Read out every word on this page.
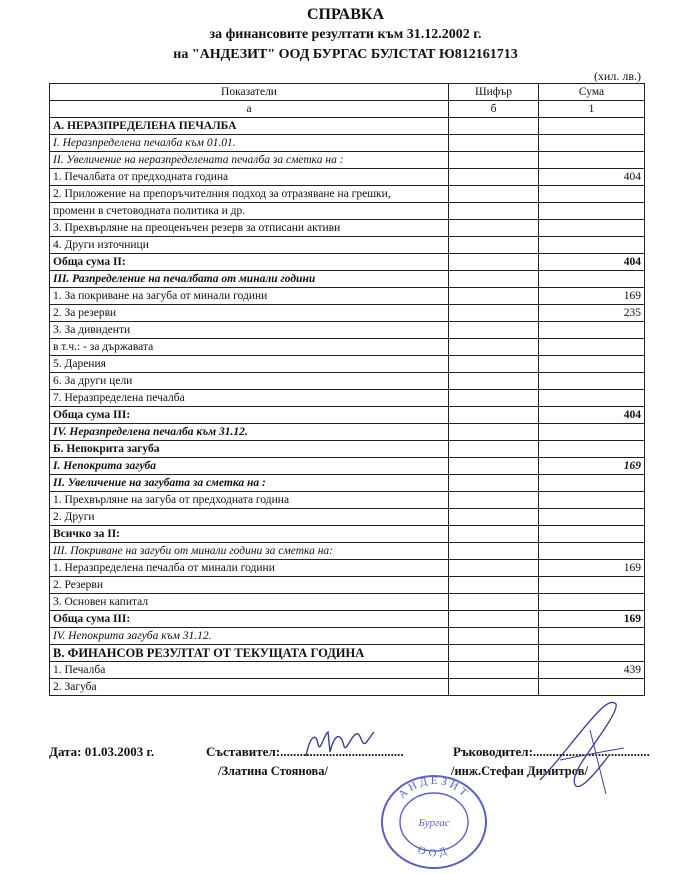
СПРАВКА
за финансовите резултати към 31.12.2002 г.
на "АНДЕЗИТ" ООД БУРГАС БУЛСТАТ Ю812161713
(хил. лв.)
Показатели	Шифър	Сума
а	б	1
А. НЕРАЗПРЕДЕЛЕНА ПЕЧАЛБА		
I. Неразпределена печалба към 01.01.		
II. Увеличение на неразпределената печалба за сметка на :		
1. Печалбата от предходната година		404
2. Приложение на препоръчителния подход за отразяване на грешки,		
промени в счетоводната политика и др.		
3. Прехвърляне на преоценъчен резерв за отписани активи		
4. Други източници		
Обща сума II:		404
III. Разпределение на печалбата от минали години		
1. За покриване на загуба от минали години		169
2. За резерви		235
3. За дивиденти		
в т.ч.: - за държавата		
5. Дарения		
6. За други цели		
7. Неразпределена печалба		
Обща сума III:		404
IV. Неразпределена печалба към 31.12.		
Б. Непокрита загуба		
I. Непокрита загуба		169
II. Увеличение на загубата за сметка на :		
1. Прехвърляне на загуба от предходната година		
2. Други		
Всичко за II:		
III. Покриване на загуби от минали години за сметка на:		
1. Неразпределена печалба от минали години		169
2. Резерви		
3. Основен капитал		
Обща сума III:		169
IV. Непокрита загуба към 31.12.		
В. ФИНАНСОВ РЕЗУЛТАТ ОТ ТЕКУЩАТА ГОДИНА		
1. Печалба		439
2. Загуба		
Дата: 01.03.2003 г.	Съставител:......................................
/Златина Стоянова/
Ръководител:....................................
/инж.Стефан Димитров/
АНДЕЗИТ
ООД
Бургас
